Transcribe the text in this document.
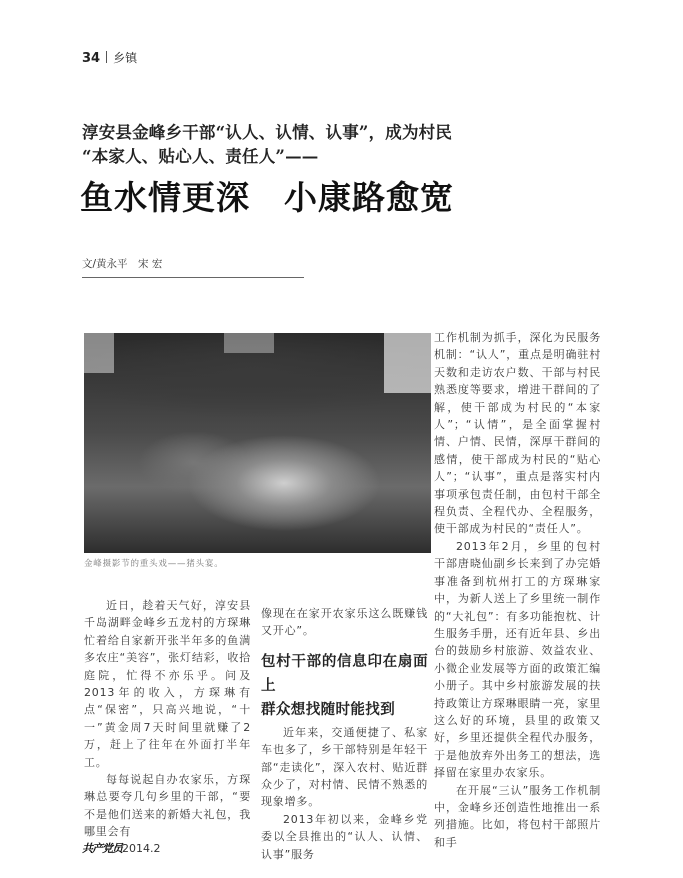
34 乡镇
淳安县金峰乡干部“认人、认情、认事”，成为村民
“本家人、贴心人、责任人”——
鱼水情更深　小康路愈宽
文/黄永平　宋 宏
金峰摄影节的重头戏——猪头宴。

近日，趁着天气好，淳安县千岛湖畔金峰乡五龙村的方琛琳忙着给自家新开张半年多的鱼满多农庄“美容”，张灯结彩，收拾庭院，忙得不亦乐乎。问及2013年的收入，方琛琳有点“保密”，只高兴地说，“十一”黄金周7天时间里就赚了2万，赶上了往年在外面打半年工。

每每说起自办农家乐，方琛琳总要夸几句乡里的干部，“要不是他们送来的新婚大礼包，我哪里会有

像现在在家开农家乐这么既赚钱又开心”。

包村干部的信息印在扇面上
群众想找随时能找到

近年来，交通便捷了、私家车也多了，乡干部特别是年轻干部“走读化”，深入农村、贴近群众少了，对村情、民情不熟悉的现象增多。

2013年初以来，金峰乡党委以全县推出的“认人、认情、认事”服务

工作机制为抓手，深化为民服务机制：“认人”，重点是明确驻村天数和走访农户数、干部与村民熟悉度等要求，增进干群间的了解，使干部成为村民的“本家人”；“认情”，是全面掌握村情、户情、民情，深厚干群间的感情，使干部成为村民的“贴心人”；“认事”，重点是落实村内事项承包责任制，由包村干部全程负责、全程代办、全程服务，使干部成为村民的“责任人”。

2013年2月，乡里的包村干部唐晓仙副乡长来到了办完婚事准备到杭州打工的方琛琳家中，为新人送上了乡里统一制作的“大礼包”：有多功能抱枕、计生服务手册，还有近年县、乡出台的鼓励乡村旅游、效益农业、小微企业发展等方面的政策汇编小册子。其中乡村旅游发展的扶持政策让方琛琳眼睛一亮，家里这么好的环境，县里的政策又好，乡里还提供全程代办服务，于是他放弃外出务工的想法，选择留在家里办农家乐。

在开展“三认”服务工作机制中，金峰乡还创造性地推出一系列措施。比如，将包村干部照片和手

共产党员2014.2
